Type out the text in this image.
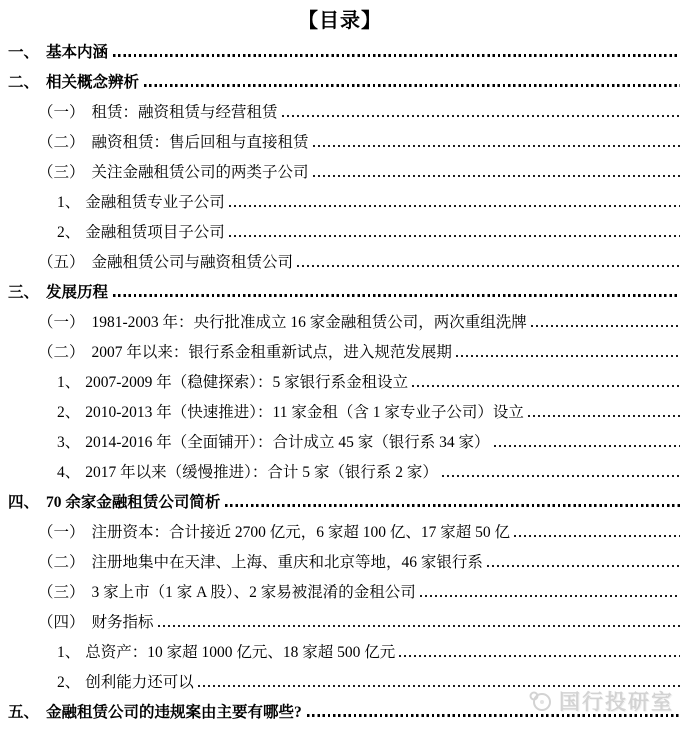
【目录】
国行投研室
一、 基本内涵
二、 相关概念辨析
（一） 租赁：融资租赁与经营租赁
（二） 融资租赁：售后回租与直接租赁
（三） 关注金融租赁公司的两类子公司
1、 金融租赁专业子公司
2、 金融租赁项目子公司
（五） 金融租赁公司与融资租赁公司
三、 发展历程
（一） 1981-2003 年：央行批准成立 16 家金融租赁公司，两次重组洗牌
（二） 2007 年以来：银行系金租重新试点，进入规范发展期
1、 2007-2009 年（稳健探索）：5 家银行系金租设立
2、 2010-2013 年（快速推进）：11 家金租（含 1 家专业子公司）设立
3、 2014-2016 年（全面铺开）：合计成立 45 家（银行系 34 家）
4、 2017 年以来（缓慢推进）：合计 5 家（银行系 2 家）
四、 70 余家金融租赁公司简析
（一） 注册资本：合计接近 2700 亿元，6 家超 100 亿、17 家超 50 亿
（二） 注册地集中在天津、上海、重庆和北京等地，46 家银行系
（三） 3 家上市（1 家 A 股）、2 家易被混淆的金租公司
（四） 财务指标
1、 总资产：10 家超 1000 亿元、18 家超 500 亿元
2、 创利能力还可以
五、 金融租赁公司的违规案由主要有哪些?
